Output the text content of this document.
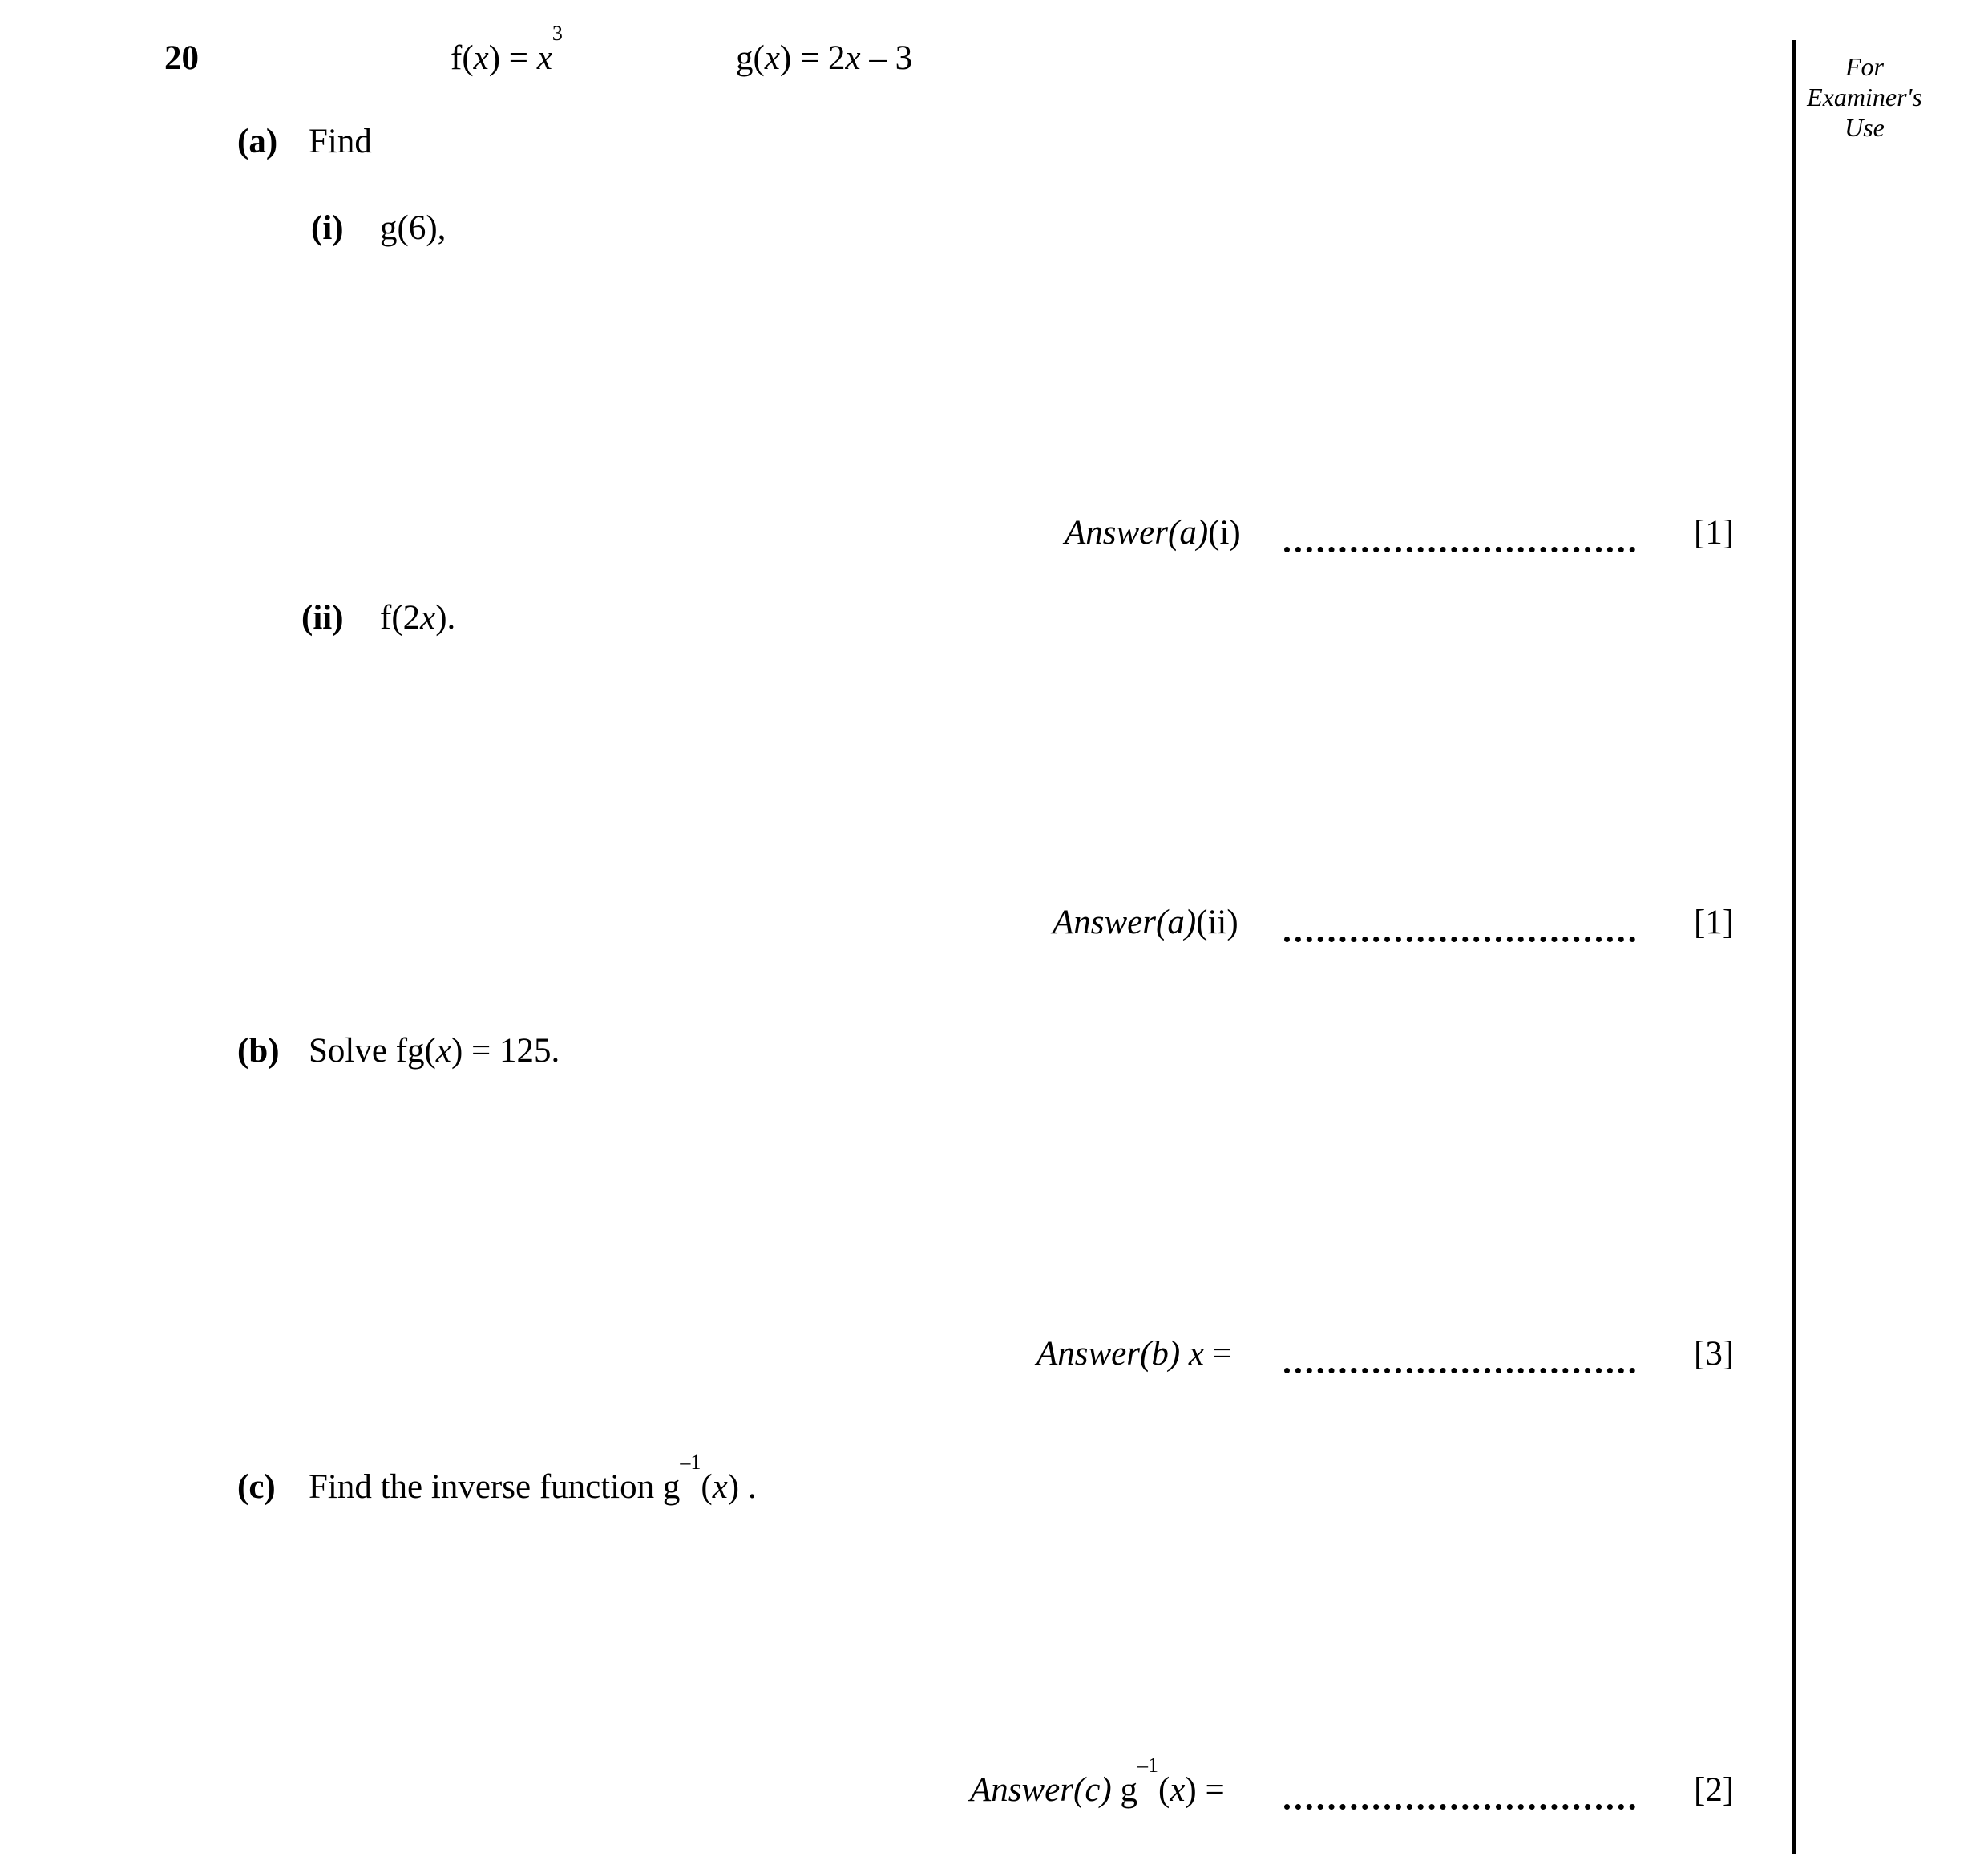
20	$f(x) = x^3$
g(x) = 2x – 3	For
Examiner's
Use
(a) Find
(i) g(6),
Answer(a)(i)	[1]
(ii) f(2x).
Answer(a)(ii)	[1]
(b) Solve fg(x) = 125.
Answer(b) x =	[3]
(c) Find the inverse function $g^{-1}(x)$ .
Answer(c) $g^{-1}(x)$ =	[2]
